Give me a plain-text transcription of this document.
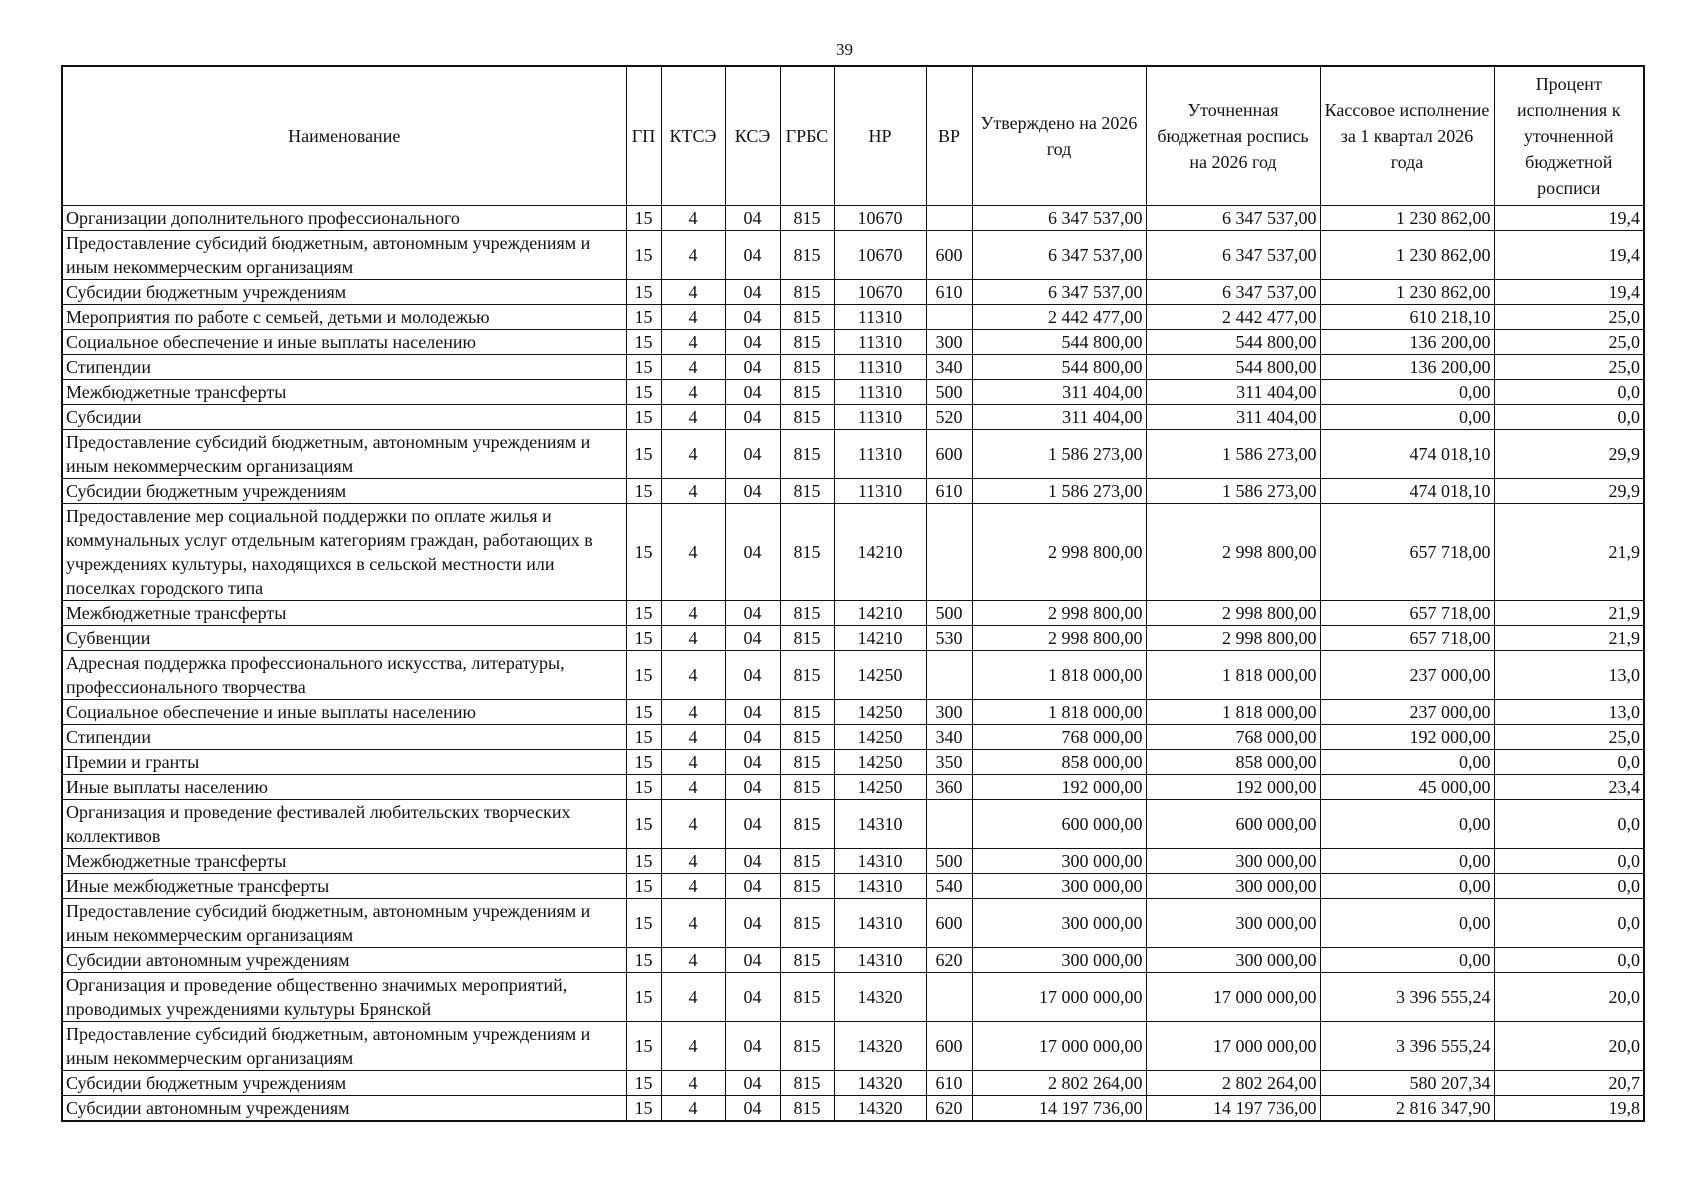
39
Наименование	ГП	КТСЭ	КСЭ	ГРБС	НР	ВР	Утверждено на 2026 год	Уточненная бюджетная роспись на 2026 год	Кассовое исполнение за 1 квартал 2026 года	Процент исполнения к уточненной бюджетной росписи
Организации дополнительного профессионального	15	4	04	815	10670		6 347 537,00	6 347 537,00	1 230 862,00	19,4
Предоставление субсидий бюджетным, автономным учреждениям и иным некоммерческим организациям	15	4	04	815	10670	600	6 347 537,00	6 347 537,00	1 230 862,00	19,4
Субсидии бюджетным учреждениям	15	4	04	815	10670	610	6 347 537,00	6 347 537,00	1 230 862,00	19,4
Мероприятия по работе с семьей, детьми и молодежью	15	4	04	815	11310		2 442 477,00	2 442 477,00	610 218,10	25,0
Социальное обеспечение и иные выплаты населению	15	4	04	815	11310	300	544 800,00	544 800,00	136 200,00	25,0
Стипендии	15	4	04	815	11310	340	544 800,00	544 800,00	136 200,00	25,0
Межбюджетные трансферты	15	4	04	815	11310	500	311 404,00	311 404,00	0,00	0,0
Субсидии	15	4	04	815	11310	520	311 404,00	311 404,00	0,00	0,0
Предоставление субсидий бюджетным, автономным учреждениям и иным некоммерческим организациям	15	4	04	815	11310	600	1 586 273,00	1 586 273,00	474 018,10	29,9
Субсидии бюджетным учреждениям	15	4	04	815	11310	610	1 586 273,00	1 586 273,00	474 018,10	29,9
Предоставление мер социальной поддержки по оплате жилья и коммунальных услуг отдельным категориям граждан, работающих в учреждениях культуры, находящихся в сельской местности или поселках городского типа	15	4	04	815	14210		2 998 800,00	2 998 800,00	657 718,00	21,9
Межбюджетные трансферты	15	4	04	815	14210	500	2 998 800,00	2 998 800,00	657 718,00	21,9
Субвенции	15	4	04	815	14210	530	2 998 800,00	2 998 800,00	657 718,00	21,9
Адресная поддержка профессионального искусства, литературы, профессионального творчества	15	4	04	815	14250		1 818 000,00	1 818 000,00	237 000,00	13,0
Социальное обеспечение и иные выплаты населению	15	4	04	815	14250	300	1 818 000,00	1 818 000,00	237 000,00	13,0
Стипендии	15	4	04	815	14250	340	768 000,00	768 000,00	192 000,00	25,0
Премии и гранты	15	4	04	815	14250	350	858 000,00	858 000,00	0,00	0,0
Иные выплаты населению	15	4	04	815	14250	360	192 000,00	192 000,00	45 000,00	23,4
Организация и проведение фестивалей любительских творческих коллективов	15	4	04	815	14310		600 000,00	600 000,00	0,00	0,0
Межбюджетные трансферты	15	4	04	815	14310	500	300 000,00	300 000,00	0,00	0,0
Иные межбюджетные трансферты	15	4	04	815	14310	540	300 000,00	300 000,00	0,00	0,0
Предоставление субсидий бюджетным, автономным учреждениям и иным некоммерческим организациям	15	4	04	815	14310	600	300 000,00	300 000,00	0,00	0,0
Субсидии автономным учреждениям	15	4	04	815	14310	620	300 000,00	300 000,00	0,00	0,0
Организация и проведение общественно значимых мероприятий, проводимых учреждениями культуры Брянской	15	4	04	815	14320		17 000 000,00	17 000 000,00	3 396 555,24	20,0
Предоставление субсидий бюджетным, автономным учреждениям и иным некоммерческим организациям	15	4	04	815	14320	600	17 000 000,00	17 000 000,00	3 396 555,24	20,0
Субсидии бюджетным учреждениям	15	4	04	815	14320	610	2 802 264,00	2 802 264,00	580 207,34	20,7
Субсидии автономным учреждениям	15	4	04	815	14320	620	14 197 736,00	14 197 736,00	2 816 347,90	19,8
